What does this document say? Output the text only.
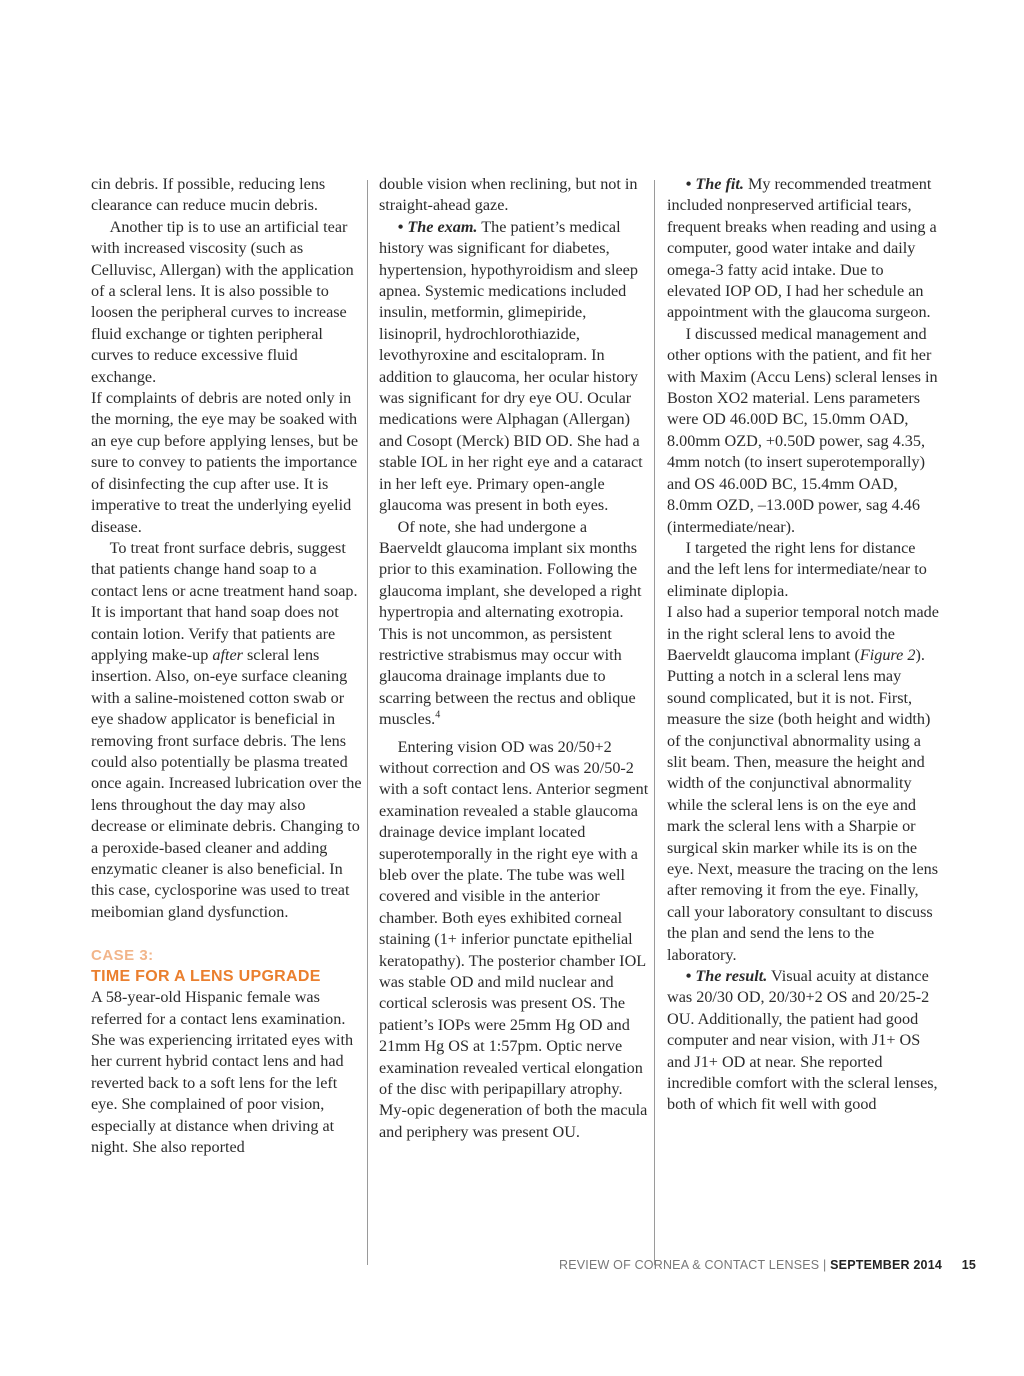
cin debris. If possible, reducing lens clearance can reduce mucin debris.

Another tip is to use an artificial tear with increased viscosity (such as Celluvisc, Allergan) with the application of a scleral lens. It is also possible to loosen the peripheral curves to increase fluid exchange or tighten peripheral curves to reduce excessive fluid exchange.

If complaints of debris are noted only in the morning, the eye may be soaked with an eye cup before applying lenses, but be sure to convey to patients the importance of disinfecting the cup after use. It is imperative to treat the underlying eyelid disease.

To treat front surface debris, suggest that patients change hand soap to a contact lens or acne treatment hand soap. It is important that hand soap does not contain lotion. Verify that patients are applying make-up after scleral lens insertion. Also, on-eye surface cleaning with a saline-moistened cotton swab or eye shadow applicator is beneficial in removing front surface debris. The lens could also potentially be plasma treated once again. Increased lubrication over the lens throughout the day may also decrease or eliminate debris. Changing to a peroxide-based cleaner and adding enzymatic cleaner is also beneficial. In this case, cyclosporine was used to treat meibomian gland dysfunction.

CASE 3:
TIME FOR A LENS UPGRADE

A 58-year-old Hispanic female was referred for a contact lens examination. She was experiencing irritated eyes with her current hybrid contact lens and had reverted back to a soft lens for the left eye. She complained of poor vision, especially at distance when driving at night. She also reported

double vision when reclining, but not in straight-ahead gaze.

• The exam. The patient’s medical history was significant for diabetes, hypertension, hypothyroidism and sleep apnea. Systemic medications included insulin, metformin, glimepiride, lisinopril, hydrochlorothiazide, levothyroxine and escitalopram. In addition to glaucoma, her ocular history was significant for dry eye OU. Ocular medications were Alphagan (Allergan) and Cosopt (Merck) BID OD. She had a stable IOL in her right eye and a cataract in her left eye. Primary open-angle glaucoma was present in both eyes.

Of note, she had undergone a Baerveldt glaucoma implant six months prior to this examination. Following the glaucoma implant, she developed a right hypertropia and alternating exotropia. This is not uncommon, as persistent restrictive strabismus may occur with glaucoma drainage implants due to scarring between the rectus and oblique muscles.$^4$

Entering vision OD was 20/50+2 without correction and OS was 20/50-2 with a soft contact lens. Anterior segment examination revealed a stable glaucoma drainage device implant located superotemporally in the right eye with a bleb over the plate. The tube was well covered and visible in the anterior chamber. Both eyes exhibited corneal staining (1+ inferior punctate epithelial keratopathy). The posterior chamber IOL was stable OD and mild nuclear and cortical sclerosis was present OS. The patient’s IOPs were 25mm Hg OD and 21mm Hg OS at 1:57pm. Optic nerve examination revealed vertical elongation of the disc with peripapillary atrophy. My-opic degeneration of both the macula and periphery was present OU.

• The fit. My recommended treatment included nonpreserved artificial tears, frequent breaks when reading and using a computer, good water intake and daily omega-3 fatty acid intake. Due to elevated IOP OD, I had her schedule an appointment with the glaucoma surgeon.

I discussed medical management and other options with the patient, and fit her with Maxim (Accu Lens) scleral lenses in Boston XO2 material. Lens parameters were OD 46.00D BC, 15.0mm OAD, 8.00mm OZD, +0.50D power, sag 4.35, 4mm notch (to insert superotemporally) and OS 46.00D BC, 15.4mm OAD, 8.0mm OZD, –13.00D power, sag 4.46 (intermediate/near).

I targeted the right lens for distance and the left lens for intermediate/near to eliminate diplopia.

I also had a superior temporal notch made in the right scleral lens to avoid the Baerveldt glaucoma implant (Figure 2). Putting a notch in a scleral lens may sound complicated, but it is not. First, measure the size (both height and width) of the conjunctival abnormality using a slit beam. Then, measure the height and width of the conjunctival abnormality while the scleral lens is on the eye and mark the scleral lens with a Sharpie or surgical skin marker while its is on the eye. Next, measure the tracing on the lens after removing it from the eye. Finally, call your laboratory consultant to discuss the plan and send the lens to the laboratory.

• The result. Visual acuity at distance was 20/30 OD, 20/30+2 OS and 20/25-2 OU. Additionally, the patient had good computer and near vision, with J1+ OS and J1+ OD at near. She reported incredible comfort with the scleral lenses, both of which fit well with good

REVIEW OF CORNEA & CONTACT LENSES | SEPTEMBER 2014 15
